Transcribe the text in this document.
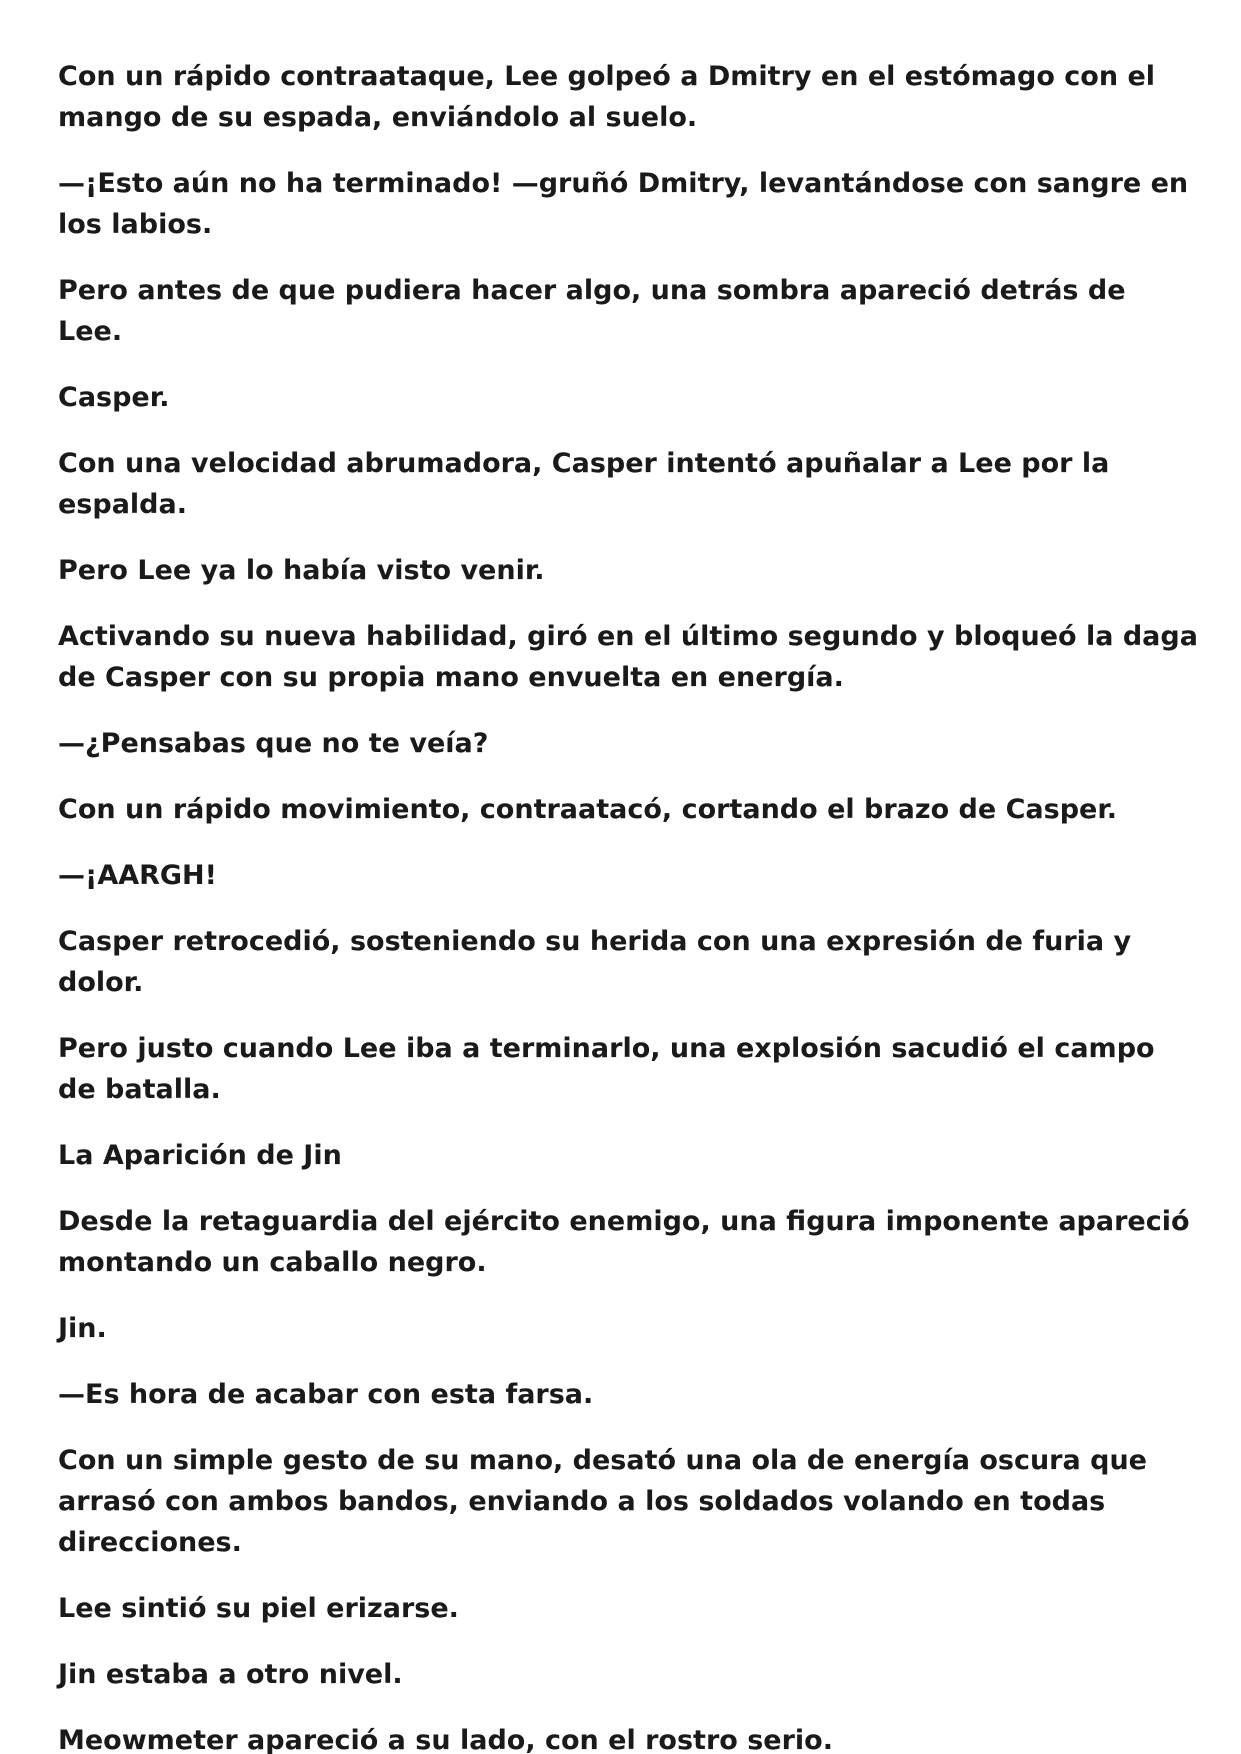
Con un rápido contraataque, Lee golpeó a Dmitry en el estómago con el mango de su espada, enviándolo al suelo.

—¡Esto aún no ha terminado! —gruñó Dmitry, levantándose con sangre en los labios.

Pero antes de que pudiera hacer algo, una sombra apareció detrás de Lee.

Casper.

Con una velocidad abrumadora, Casper intentó apuñalar a Lee por la espalda.

Pero Lee ya lo había visto venir.

Activando su nueva habilidad, giró en el último segundo y bloqueó la daga de Casper con su propia mano envuelta en energía.

—¿Pensabas que no te veía?

Con un rápido movimiento, contraatacó, cortando el brazo de Casper.

—¡AARGH!

Casper retrocedió, sosteniendo su herida con una expresión de furia y dolor.

Pero justo cuando Lee iba a terminarlo, una explosión sacudió el campo de batalla.

La Aparición de Jin

Desde la retaguardia del ejército enemigo, una figura imponente apareció montando un caballo negro.

Jin.

—Es hora de acabar con esta farsa.

Con un simple gesto de su mano, desató una ola de energía oscura que arrasó con ambos bandos, enviando a los soldados volando en todas direcciones.

Lee sintió su piel erizarse.

Jin estaba a otro nivel.

Meowmeter apareció a su lado, con el rostro serio.
